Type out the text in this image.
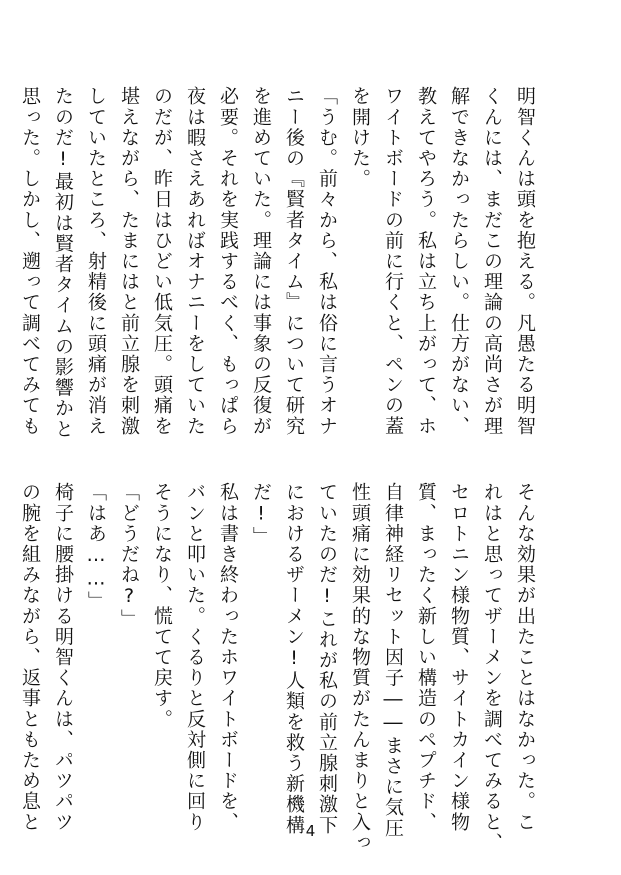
明智くんは頭を抱える。凡愚たる明智
くんには、まだこの理論の高尚さが理
解できなかったらしい。仕方がない、
教えてやろう。私は立ち上がって、ホ
ワイトボードの前に行くと、ペンの蓋
を開けた。
「うむ。前々から、私は俗に言うオナ
ニー後の『賢者タイム』について研究
を進めていた。理論には事象の反復が
必要。それを実践するべく、もっぱら
夜は暇さえあればオナニーをしていた
のだが、昨日はひどい低気圧。頭痛を
堪えながら、たまにはと前立腺を刺激
していたところ、射精後に頭痛が消え
たのだ!最初は賢者タイムの影響かと
思った。しかし、遡って調べてみても
そんな効果が出たことはなかった。こ
れはと思ってザーメンを調べてみると、
セロトニン様物質、サイトカイン様物
質、まったく新しい構造のペプチド、
自律神経リセット因子――まさに気圧
性頭痛に効果的な物質がたんまりと入っ
ていたのだ!これが私の前立腺刺激下
におけるザーメン!人類を救う新機構
だ!」
私は書き終わったホワイトボードを、
バンと叩いた。くるりと反対側に回り
そうになり、慌てて戻す。
「どうだね?」
「はあ……」
椅子に腰掛ける明智くんは、パツパツ
の腕を組みながら、返事ともため息と	4
